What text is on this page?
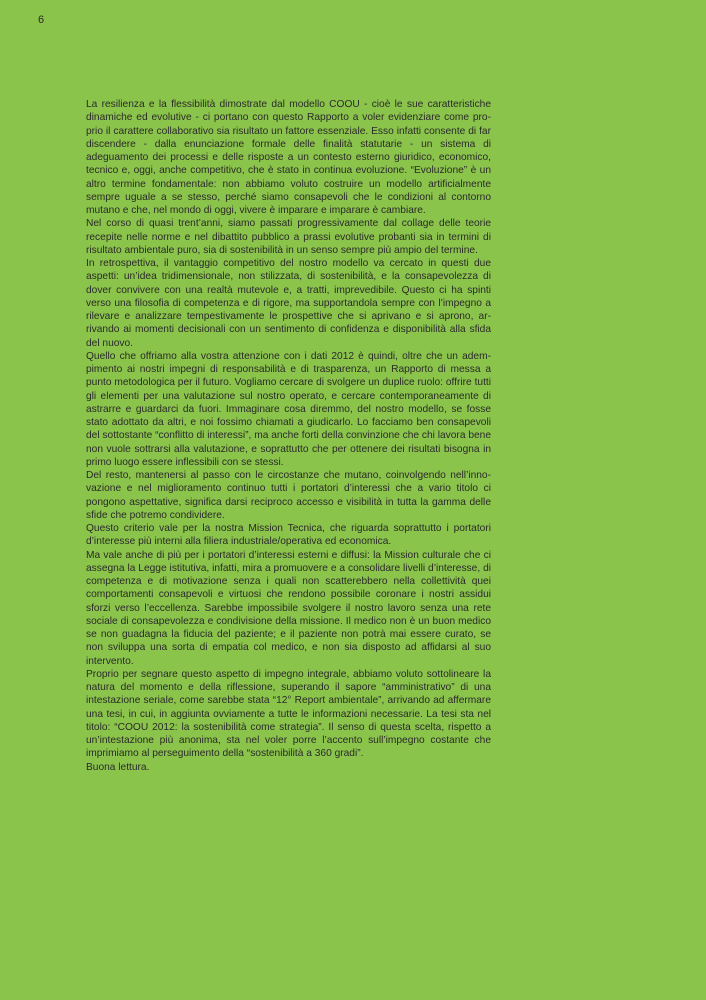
6

La resilienza e la flessibilità dimostrate dal modello COOU - cioè le sue caratteristiche dinamiche ed evolutive - ci portano con questo Rapporto a voler evidenziare come proprio il carattere collaborativo sia risultato un fattore essenziale. Esso infatti consente di far discendere - dalla enunciazione formale delle finalità statutarie - un sistema di adeguamento dei processi e delle risposte a un contesto esterno giuridico, economico, tecnico e, oggi, anche competitivo, che è stato in continua evoluzione. “Evoluzione” è un altro termine fondamentale: non abbiamo voluto costruire un modello artificialmente sempre uguale a se stesso, perché siamo consapevoli che le condizioni al contorno mutano e che, nel mondo di oggi, vivere è imparare e imparare è cambiare.

Nel corso di quasi trent’anni, siamo passati progressivamente dal collage delle teorie recepite nelle norme e nel dibattito pubblico a prassi evolutive probanti sia in termini di risultato ambientale puro, sia di sostenibilità in un senso sempre più ampio del termine.

In retrospettiva, il vantaggio competitivo del nostro modello va cercato in questi due aspetti: un’idea tridimensionale, non stilizzata, di sostenibilità, e la consapevolezza di dover convivere con una realtà mutevole e, a tratti, imprevedibile. Questo ci ha spinti verso una filosofia di competenza e di rigore, ma supportandola sempre con l’impegno a rilevare e analizzare tempestivamente le prospettive che si aprivano e si aprono, arrivando ai momenti decisionali con un sentimento di confidenza e disponibilità alla sfida del nuovo.

Quello che offriamo alla vostra attenzione con i dati 2012 è quindi, oltre che un adempimento ai nostri impegni di responsabilità e di trasparenza, un Rapporto di messa a punto metodologica per il futuro. Vogliamo cercare di svolgere un duplice ruolo: offrire tutti gli elementi per una valutazione sul nostro operato, e cercare contemporaneamente di astrarre e guardarci da fuori. Immaginare cosa diremmo, del nostro modello, se fosse stato adottato da altri, e noi fossimo chiamati a giudicarlo. Lo facciamo ben consapevoli del sottostante “conflitto di interessi”, ma anche forti della convinzione che chi lavora bene non vuole sottrarsi alla valutazione, e soprattutto che per ottenere dei risultati bisogna in primo luogo essere inflessibili con se stessi.

Del resto, mantenersi al passo con le circostanze che mutano, coinvolgendo nell’innovazione e nel miglioramento continuo tutti i portatori d’interessi che a vario titolo ci pongono aspettative, significa darsi reciproco accesso e visibilità in tutta la gamma delle sfide che potremo condividere.

Questo criterio vale per la nostra Mission Tecnica, che riguarda soprattutto i portatori d’interesse più interni alla filiera industriale/operativa ed economica.

Ma vale anche di più per i portatori d’interessi esterni e diffusi: la Mission culturale che ci assegna la Legge istitutiva, infatti, mira a promuovere e a consolidare livelli d’interesse, di competenza e di motivazione senza i quali non scatterebbero nella collettività quei comportamenti consapevoli e virtuosi che rendono possibile coronare i nostri assidui sforzi verso l’eccellenza. Sarebbe impossibile svolgere il nostro lavoro senza una rete sociale di consapevolezza e condivisione della missione. Il medico non è un buon medico se non guadagna la fiducia del paziente; e il paziente non potrà mai essere curato, se non sviluppa una sorta di empatia col medico, e non sia disposto ad affidarsi al suo intervento.

Proprio per segnare questo aspetto di impegno integrale, abbiamo voluto sottolineare la natura del momento e della riflessione, superando il sapore “amministrativo” di una intestazione seriale, come sarebbe stata “12° Report ambientale”, arrivando ad affermare una tesi, in cui, in aggiunta ovviamente a tutte le informazioni necessarie. La tesi sta nel titolo: “COOU 2012: la sostenibilità come strategia”. Il senso di questa scelta, rispetto a un’intestazione più anonima, sta nel voler porre l’accento sull’impegno costante che imprimiamo al perseguimento della “sostenibilità a 360 gradi”.

Buona lettura.
